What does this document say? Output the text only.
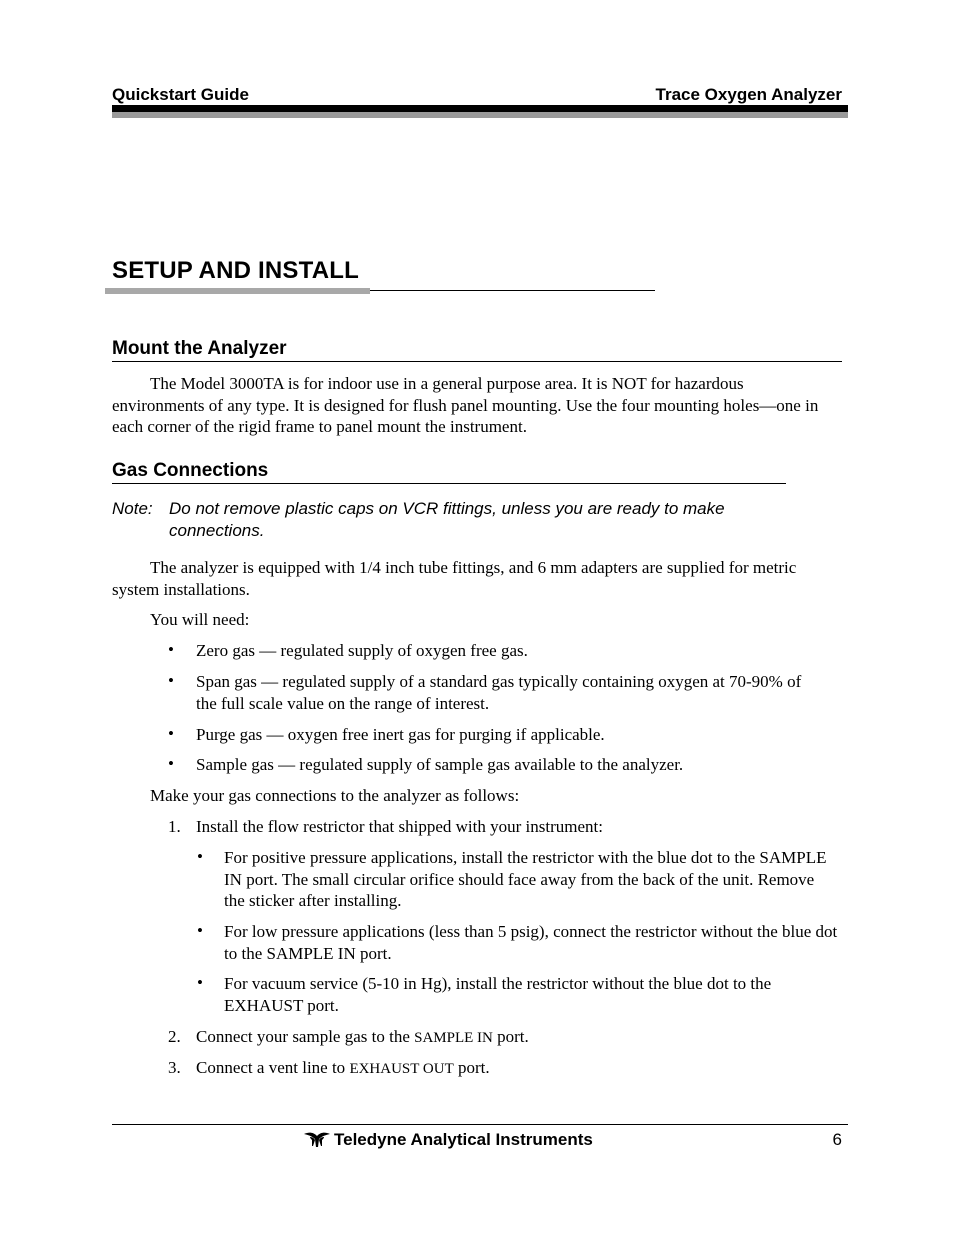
Quickstart Guide	Trace Oxygen Analyzer
SETUP AND INSTALL
Mount the Analyzer
The Model 3000TA is for indoor use in a general purpose area. It is NOT for hazardous environments of any type. It is designed for flush panel mounting. Use the four mounting holes—one in each corner of the rigid frame to panel mount the instrument.
Gas Connections
Note: Do not remove plastic caps on VCR fittings, unless you are ready to make connections.
The analyzer is equipped with 1/4 inch tube fittings, and 6 mm adapters are supplied for metric system installations.
You will need:
• Zero gas — regulated supply of oxygen free gas.
• Span gas — regulated supply of a standard gas typically containing oxygen at 70-90% of the full scale value on the range of interest.
• Purge gas — oxygen free inert gas for purging if applicable.
• Sample gas — regulated supply of sample gas available to the analyzer.
Make your gas connections to the analyzer as follows:
1. Install the flow restrictor that shipped with your instrument:
• For positive pressure applications, install the restrictor with the blue dot to the SAMPLE IN port. The small circular orifice should face away from the back of the unit. Remove the sticker after installing.
• For low pressure applications (less than 5 psig), connect the restrictor without the blue dot to the SAMPLE IN port.
• For vacuum service (5-10 in Hg), install the restrictor without the blue dot to the EXHAUST port.
2. Connect your sample gas to the SAMPLE IN port.
3. Connect a vent line to EXHAUST OUT port.
Teledyne Analytical Instruments	6
